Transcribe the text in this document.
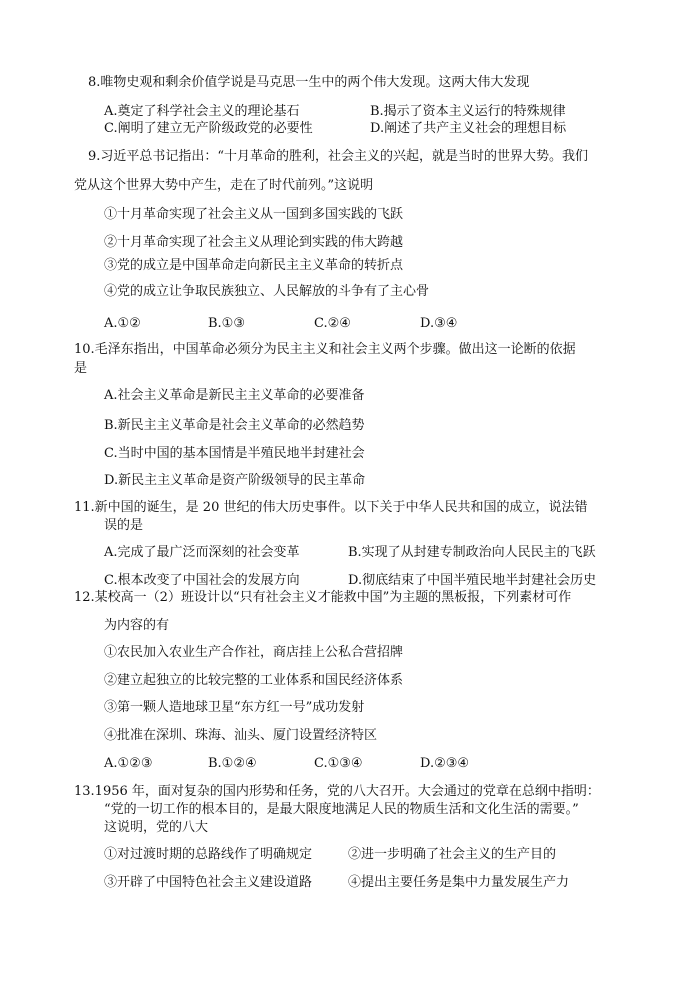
8.唯物史观和剩余价值学说是马克思一生中的两个伟大发现。这两大伟大发现
A.奠定了科学社会主义的理论基石	B.揭示了资本主义运行的特殊规律
C.阐明了建立无产阶级政党的必要性	D.阐述了共产主义社会的理想目标
9.习近平总书记指出：“十月革命的胜利，社会主义的兴起，就是当时的世界大势。我们
党从这个世界大势中产生，走在了时代前列。”这说明
①十月革命实现了社会主义从一国到多国实践的飞跃
②十月革命实现了社会主义从理论到实践的伟大跨越
③党的成立是中国革命走向新民主主义革命的转折点
④党的成立让争取民族独立、人民解放的斗争有了主心骨
A.①②	B.①③	C.②④	D.③④
10.毛泽东指出，中国革命必须分为民主主义和社会主义两个步骤。做出这一论断的依据
是
A.社会主义革命是新民主主义革命的必要准备
B.新民主主义革命是社会主义革命的必然趋势
C.当时中国的基本国情是半殖民地半封建社会
D.新民主主义革命是资产阶级领导的民主革命
11.新中国的诞生，是 20 世纪的伟大历史事件。以下关于中华人民共和国的成立，说法错
误的是
A.完成了最广泛而深刻的社会变革	B.实现了从封建专制政治向人民民主的飞跃
C.根本改变了中国社会的发展方向	D.彻底结束了中国半殖民地半封建社会历史
12.某校高一（2）班设计以“只有社会主义才能救中国”为主题的黑板报，下列素材可作
为内容的有
①农民加入农业生产合作社，商店挂上公私合营招牌
②建立起独立的比较完整的工业体系和国民经济体系
③第一颗人造地球卫星“东方红一号”成功发射
④批准在深圳、珠海、汕头、厦门设置经济特区
A.①②③	B.①②④	C.①③④	D.②③④
13.1956 年，面对复杂的国内形势和任务，党的八大召开。大会通过的党章在总纲中指明：
“党的一切工作的根本目的，是最大限度地满足人民的物质生活和文化生活的需要。”
这说明，党的八大
①对过渡时期的总路线作了明确规定	②进一步明确了社会主义的生产目的
③开辟了中国特色社会主义建设道路	④提出主要任务是集中力量发展生产力
